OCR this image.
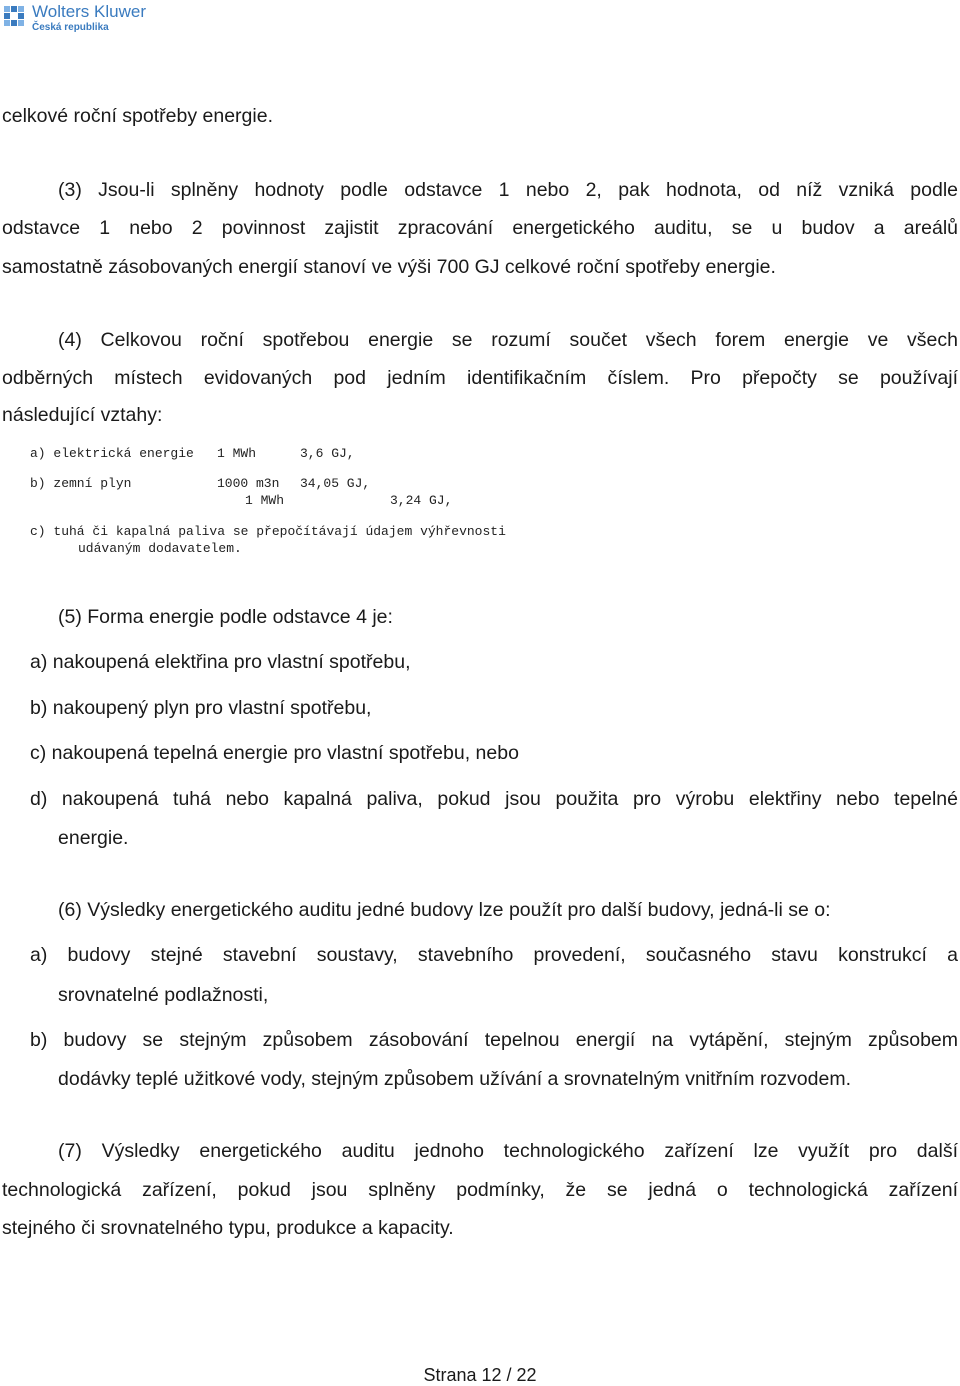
Wolters Kluwer
Česká republika
celkové roční spotřeby energie.
(3) Jsou-li splněny hodnoty podle odstavce 1 nebo 2, pak hodnota, od níž vzniká podle
odstavce 1 nebo 2 povinnost zajistit zpracování energetického auditu, se u budov a areálů
samostatně zásobovaných energií stanoví ve výši 700 GJ celkové roční spotřeby energie.
(4) Celkovou roční spotřebou energie se rozumí součet všech forem energie ve všech
odběrných místech evidovaných pod jedním identifikačním číslem. Pro přepočty se používají
následující vztahy:
a) elektrická energie 1 MWh	3,6 GJ,
b) zemní plyn	1000 m3n 34,05 GJ,
1 MWh	3,24 GJ,
c) tuhá či kapalná paliva se přepočítávají údajem výhřevnosti
udávaným dodavatelem.
(5) Forma energie podle odstavce 4 je:
a) nakoupená elektřina pro vlastní spotřebu,
b) nakoupený plyn pro vlastní spotřebu,
c) nakoupená tepelná energie pro vlastní spotřebu, nebo
d) nakoupená tuhá nebo kapalná paliva, pokud jsou použita pro výrobu elektřiny nebo tepelné
energie.
(6) Výsledky energetického auditu jedné budovy lze použít pro další budovy, jedná-li se o:
a) budovy stejné stavební soustavy, stavebního provedení, současného stavu konstrukcí a
srovnatelné podlažnosti,
b) budovy se stejným způsobem zásobování tepelnou energií na vytápění, stejným způsobem
dodávky teplé užitkové vody, stejným způsobem užívání a srovnatelným vnitřním rozvodem.
(7) Výsledky energetického auditu jednoho technologického zařízení lze využít pro další
technologická zařízení, pokud jsou splněny podmínky, že se jedná o technologická zařízení
stejného či srovnatelného typu, produkce a kapacity.
Strana 12 / 22
